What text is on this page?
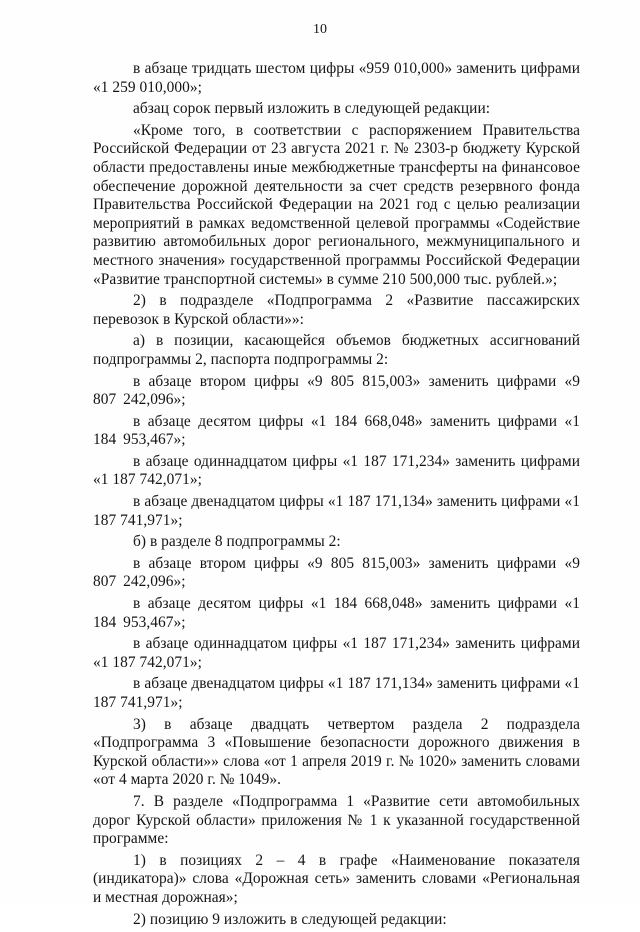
10

в абзаце тридцать шестом цифры «959 010,000» заменить цифрами «1 259 010,000»;

абзац сорок первый изложить в следующей редакции:

«Кроме того, в соответствии с распоряжением Правительства Российской Федерации от 23 августа 2021 г. № 2303-р бюджету Курской области предоставлены иные межбюджетные трансферты на финансовое обеспечение дорожной деятельности за счет средств резервного фонда Правительства Российской Федерации на 2021 год с целью реализации мероприятий в рамках ведомственной целевой программы «Содействие развитию автомобильных дорог регионального, межмуниципального и местного значения» государственной программы Российской Федерации «Развитие транспортной системы» в сумме 210 500,000 тыс. рублей.»;

2) в подразделе «Подпрограмма 2 «Развитие пассажирских перевозок в Курской области»»:

а) в позиции, касающейся объемов бюджетных ассигнований подпрограммы 2, паспорта подпрограммы 2:

в абзаце втором цифры «9 805 815,003» заменить цифрами «9 807 242,096»;

в абзаце десятом цифры «1 184 668,048» заменить цифрами «1 184 953,467»;

в абзаце одиннадцатом цифры «1 187 171,234» заменить цифрами «1 187 742,071»;

в абзаце двенадцатом цифры «1 187 171,134» заменить цифрами «1 187 741,971»;

б) в разделе 8 подпрограммы 2:

в абзаце втором цифры «9 805 815,003» заменить цифрами «9 807 242,096»;

в абзаце десятом цифры «1 184 668,048» заменить цифрами «1 184 953,467»;

в абзаце одиннадцатом цифры «1 187 171,234» заменить цифрами «1 187 742,071»;

в абзаце двенадцатом цифры «1 187 171,134» заменить цифрами «1 187 741,971»;

3) в абзаце двадцать четвертом раздела 2 подраздела «Подпрограмма 3 «Повышение безопасности дорожного движения в Курской области»» слова «от 1 апреля 2019 г. № 1020» заменить словами «от 4 марта 2020 г. № 1049».

7. В разделе «Подпрограмма 1 «Развитие сети автомобильных дорог Курской области» приложения № 1 к указанной государственной программе:

1) в позициях 2 – 4 в графе «Наименование показателя (индикатора)» слова «Дорожная сеть» заменить словами «Региональная и местная дорожная»;

2) позицию 9 изложить в следующей редакции:
